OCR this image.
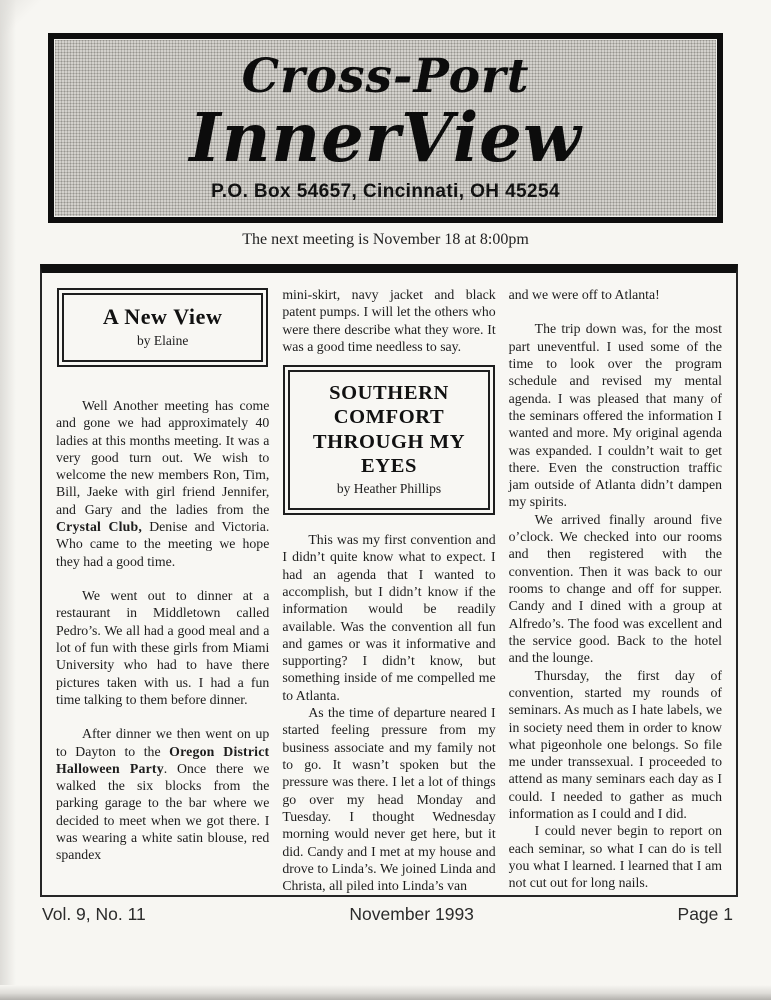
Cross-Port
InnerView
P.O. Box 54657, Cincinnati, OH 45254
The next meeting is November 18 at 8:00pm
A New View
by Elaine

Well Another meeting has come and gone we had approximately 40 ladies at this months meeting. It was a very good turn out. We wish to welcome the new members Ron, Tim, Bill, Jaeke with girl friend Jennifer, and Gary and the ladies from the Crystal Club, Denise and Victoria. Who came to the meeting we hope they had a good time.

We went out to dinner at a restaurant in Middletown called Pedro’s. We all had a good meal and a lot of fun with these girls from Miami University who had to have there pictures taken with us. I had a fun time talking to them before dinner.

After dinner we then went on up to Dayton to the Oregon District Halloween Party. Once there we walked the six blocks from the parking garage to the bar where we decided to meet when we got there. I was wearing a white satin blouse, red spandex

mini-skirt, navy jacket and black patent pumps. I will let the others who were there describe what they wore. It was a good time needless to say.

SOUTHERN
COMFORT
THROUGH MY
EYES
by Heather Phillips

This was my first convention and I didn’t quite know what to expect. I had an agenda that I wanted to accomplish, but I didn’t know if the information would be readily available. Was the convention all fun and games or was it informative and supporting? I didn’t know, but something inside of me compelled me to Atlanta.

As the time of departure neared I started feeling pressure from my business associate and my family not to go. It wasn’t spoken but the pressure was there. I let a lot of things go over my head Monday and Tuesday. I thought Wednesday morning would never get here, but it did. Candy and I met at my house and drove to Linda’s. We joined Linda and Christa, all piled into Linda’s van

and we were off to Atlanta!

The trip down was, for the most part uneventful. I used some of the time to look over the program schedule and revised my mental agenda. I was pleased that many of the seminars offered the information I wanted and more. My original agenda was expanded. I couldn’t wait to get there. Even the construction traffic jam outside of Atlanta didn’t dampen my spirits.

We arrived finally around five o’clock. We checked into our rooms and then registered with the convention. Then it was back to our rooms to change and off for supper. Candy and I dined with a group at Alfredo’s. The food was excellent and the service good. Back to the hotel and the lounge.

Thursday, the first day of convention, started my rounds of seminars. As much as I hate labels, we in society need them in order to know what pigeonhole one belongs. So file me under transsexual. I proceeded to attend as many seminars each day as I could. I needed to gather as much information as I could and I did.

I could never begin to report on each seminar, so what I can do is tell you what I learned. I learned that I am not cut out for long nails.

Vol. 9, No. 11	November 1993	Page 1
